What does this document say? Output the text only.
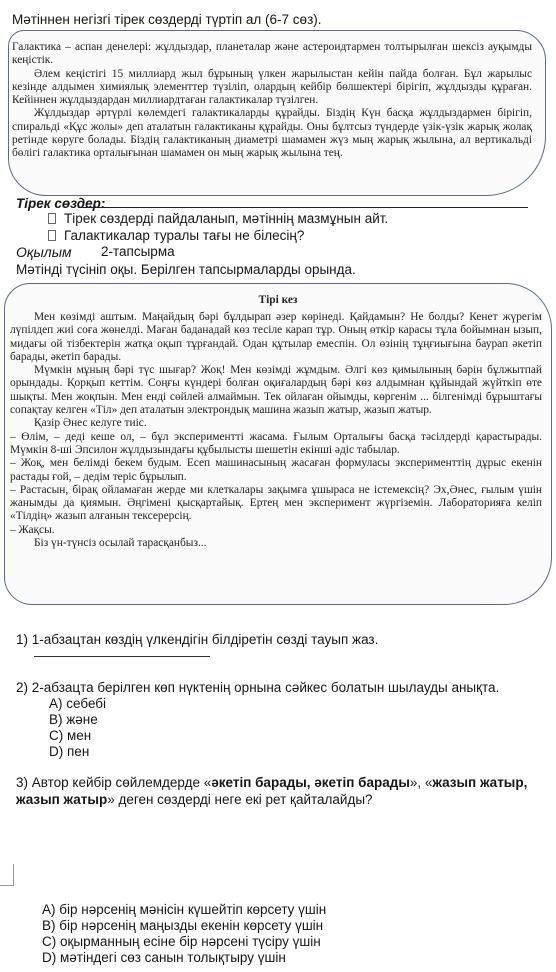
Мәтіннен негізгі тірек сөздерді түртіп ал (6-7 сөз).

Галактика – аспан денелері: жұлдыздар, планеталар және астероидтармен толтырылған шексіз ауқымды кеңістік.

Әлем кеңістігі 15 миллиард жыл бұрының үлкен жарылыстан кейін пайда болған. Бұл жарылыс кезінде алдымен химиялық элементтер түзіліп, олардың кейбір бөлшектері бірігіп, жұлдызды құраған. Кейіннен жұлдыздардан миллиардтаған галактикалар түзілген.

Жұлдыздар әртүрлі көлемдегі галактикаларды құрайды. Біздің Күн басқа жұлдыздармен бірігіп, спиральді «Құс жолы» деп аталатын галактиканы құрайды. Оны бұлтсыз түндерде үзік-үзік жарық жолақ ретінде көруге болады. Біздің галактиканың диаметрі шамамен жүз мың жарық жылына, ал вертикальді бөлігі галактика орталығынан шамамен он мың жарық жылына тең.

Тірек сөздер:
Тірек сөздерді пайдаланып, мәтіннің мазмұнын айт.
Галактикалар туралы тағы не білесің?
Оқылым 2-тапсырма
Мәтінді түсініп оқы. Берілген тапсырмаларды орында.
Тірі кез

Мен көзімді аштым. Маңайдың бәрі бұлдырап әзер көрінеді. Қайдамын? Не болды? Кенет жүрегім лүпілдеп жиі соға жөнелді. Маған баданадай көз тесіле карап тұр. Оның өткір карасы тұла бойымнан ызып, мидағы ой тізбектерін жатқа оқып тұрғандай. Одан құтылар емеспін. Ол өзінің тұңғиығына баурап әкетіп барады, әкетіп барады.

Мүмкін мұның бәрі түс шығар? Жоқ! Мен көзімді жұмдым. Әлгі көз қимылының бәрін бұлжытпай орындады. Қорқып кеттім. Соңғы күндері болған оқиғалардың бәрі көз алдымнан құйындай жүйткіп өте шықты. Мен жоқпын. Мен енді сөйлей алмаймын. Тек ойлаған ойымды, көргенім ... білгенімді бұрыштағы сопақтау келген «Тіл» деп аталатын электрондық машина жазып жатыр, жазып жатыр.

Қазір Әнес келуге тиіс.

– Өлім, – деді кеше ол, – бұл экспериментті жасама. Ғылым Орталығы басқа тәсілдерді қарастырады. Мүмкін 8-ші Эпсилон жұлдызындағы құбылысты шешетін екінші әдіс табылар.

– Жоқ, мен белімді бекем будым. Есеп машинасының жасаған формуласы эксперименттің дұрыс екенін растады ғой, – дедім теріс бұрылып.

– Растасын, бірақ ойламаған жерде ми клеткалары зақымға ұшыраса не істемексің? Эх,Әнес, ғылым үшін жанымды да қиямын. Әңгімені қысқартайық. Ертең мен эксперимент жүргіземін. Лабораторияға келіп «Тілдің» жазып алғанын тексерерсің.

– Жақсы.

Біз үн-түнсіз осылай тарасқанбыз...

1) 1-абзацтан көздің үлкендігін білдіретін сөзді тауып жаз.
2) 2-абзацта берілген көп нүктенің орнына сәйкес болатын шылауды анықта.
А) себебі
В) және
С) мен
D) пен
3) Автор кейбір сөйлемдерде «әкетіп барады, әкетіп барады», «жазып жатыр,
жазып жатыр» деген сөздерді неге екі рет қайталайды?
А) бір нәрсенің мәнісін күшейтіп көрсету үшін
В) бір нәрсенің маңызды екенін көрсету үшін
С) оқырманның есіне бір нәрсені түсіру үшін
D) мәтіндегі сөз санын толықтыру үшін
